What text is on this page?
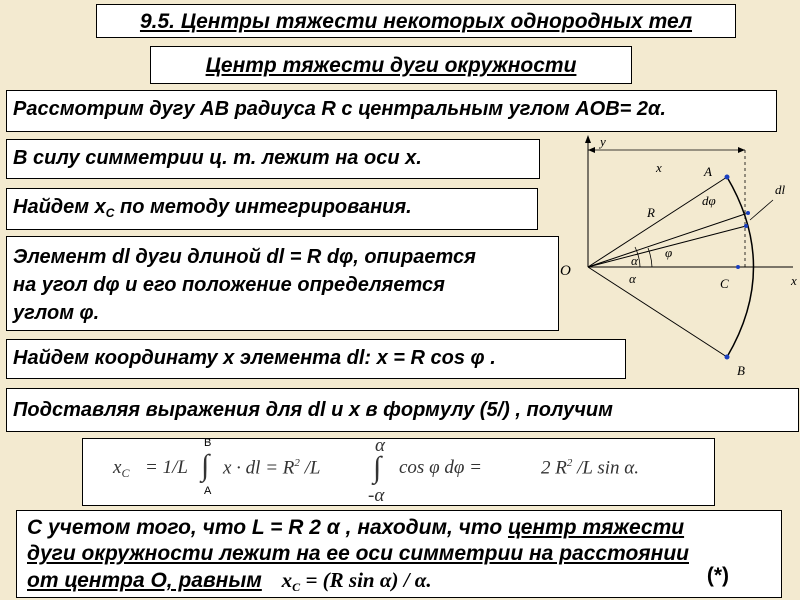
9.5. Центры тяжести некоторых однородных тел
Центр тяжести дуги окружности
Рассмотрим дугу AB радиуса R с центральным углом AOB= 2α.
В силу симметрии ц. т. лежит на оси x.
Найдем $x_C$ по методу интегрирования.
Элемент dl дуги длиной dl = R dφ, опирается
на угол dφ и его положение определяется
углом φ.
Найдем координату x элемента dl: x = R cos φ .
Подставляя выражения для dl и x в формулу (5/) , получим
$x_C = 1/L$
B
∫
A
x · dl = $R^2$ /L
α
∫
-α
cos φ dφ =	2 $R^2$ /L sin α.
С учетом того, что L = R 2 α , находим, что центр тяжести
дуги окружности лежит на ее оси симметрии на расстоянии
от центра О, равным $x_C = (R$ sin α) / α.	(*)
y
x	A
dl
dφ
R
φ
α
α
O
x
C
B
